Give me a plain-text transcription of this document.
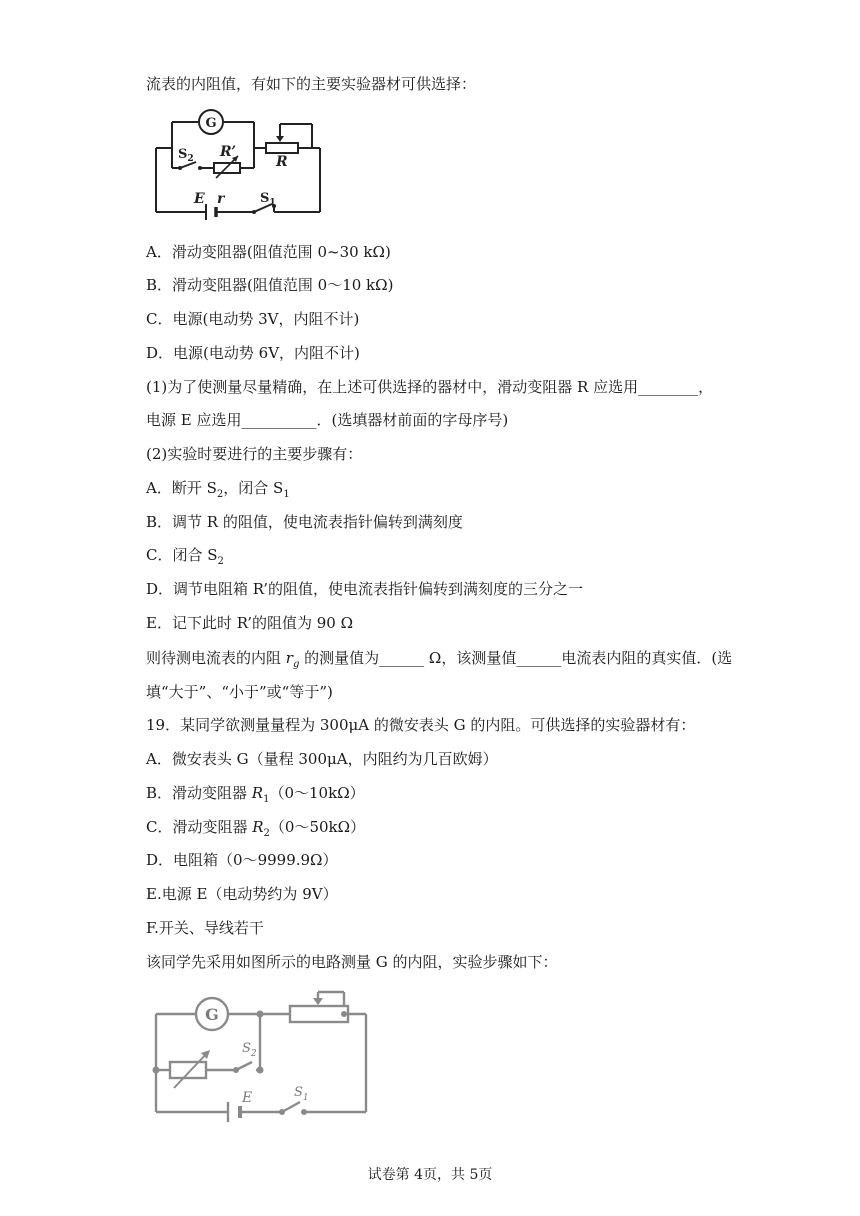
流表的内阻值，有如下的主要实验器材可供选择：
G
$S_2$ R’
R
E r	$S_1$
A．滑动变阻器(阻值范围 0~30 kΩ)
B．滑动变阻器(阻值范围 0～10 kΩ)
C．电源(电动势 3V，内阻不计)
D．电源(电动势 6V，内阻不计)
(1)为了使测量尽量精确，在上述可供选择的器材中，滑动变阻器 R 应选用________，
电源 E 应选用__________．(选填器材前面的字母序号)
(2)实验时要进行的主要步骤有：
A．断开 $S_2$，闭合 $S_1$
B．调节 R 的阻值，使电流表指针偏转到满刻度
C．闭合 $S_2$
D．调节电阻箱 R’的阻值，使电流表指针偏转到满刻度的三分之一
E．记下此时 R’的阻值为 90 Ω
则待测电流表的内阻 $r_g$ 的测量值为______ Ω，该测量值______电流表内阻的真实值．(选
填“大于”、“小于”或“等于”)
19．某同学欲测量量程为 300μA 的微安表头 G 的内阻。可供选择的实验器材有：
A．微安表头 G（量程 300μA，内阻约为几百欧姆）
B．滑动变阻器 $R_1(0\sim 10k\Omega)$
C．滑动变阻器 $R_2(0\sim 50k\Omega)$
D．电阻箱（0～9999.9Ω）
E.电源 E（电动势约为 9V）
F.开关、导线若干
该同学先采用如图所示的电路测量 G 的内阻，实验步骤如下：
G
$S_2$
E	$S_1$
试卷第 4页，共 5页
